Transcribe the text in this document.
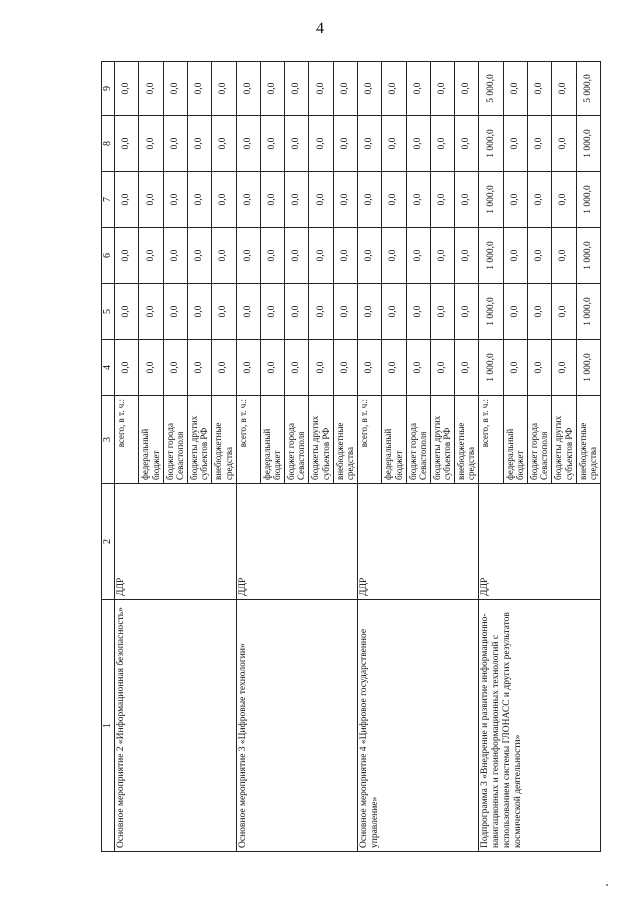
4
1	2	3	4	5	6	7	8	9
Основное мероприятие 2 «Информационная безопасность»	ДДР	всего, в т. ч.:	0,0	0,0	0,0	0,0	0,0	0,0
		федеральный бюджет	0,0	0,0	0,0	0,0	0,0	0,0
		бюджет города Севастополя	0,0	0,0	0,0	0,0	0,0	0,0
		бюджеты других субъектов РФ	0,0	0,0	0,0	0,0	0,0	0,0
		внебюджетные средства	0,0	0,0	0,0	0,0	0,0	0,0
Основное мероприятие 3 «Цифровые технологии»	ДДР	всего, в т. ч.:	0,0	0,0	0,0	0,0	0,0	0,0
		федеральный бюджет	0,0	0,0	0,0	0,0	0,0	0,0
		бюджет города Севастополя	0,0	0,0	0,0	0,0	0,0	0,0
		бюджеты других субъектов РФ	0,0	0,0	0,0	0,0	0,0	0,0
		внебюджетные средства	0,0	0,0	0,0	0,0	0,0	0,0
Основное мероприятие 4 «Цифровое государственное управление»	ДДР	всего, в т. ч.:	0,0	0,0	0,0	0,0	0,0	0,0
		федеральный бюджет	0,0	0,0	0,0	0,0	0,0	0,0
		бюджет города Севастополя	0,0	0,0	0,0	0,0	0,0	0,0
		бюджеты других субъектов РФ	0,0	0,0	0,0	0,0	0,0	0,0
		внебюджетные средства	0,0	0,0	0,0	0,0	0,0	0,0
Подпрограмма 3 «Внедрение и развитие информационно-навигационных и геоинформационных технологий с использованием системы ГЛОНАСС и других результатов космической деятельности»	ДДР	всего, в т. ч.:	1 000,0	1 000,0	1 000,0	1 000,0	1 000,0	5 000,0
		федеральный бюджет	0,0	0,0	0,0	0,0	0,0	0,0
		бюджет города Севастополя	0,0	0,0	0,0	0,0	0,0	0,0
		бюджеты других субъектов РФ	0,0	0,0	0,0	0,0	0,0	0,0
		внебюджетные средства	1 000,0	1 000,0	1 000,0	1 000,0	1 000,0	5 000,0
